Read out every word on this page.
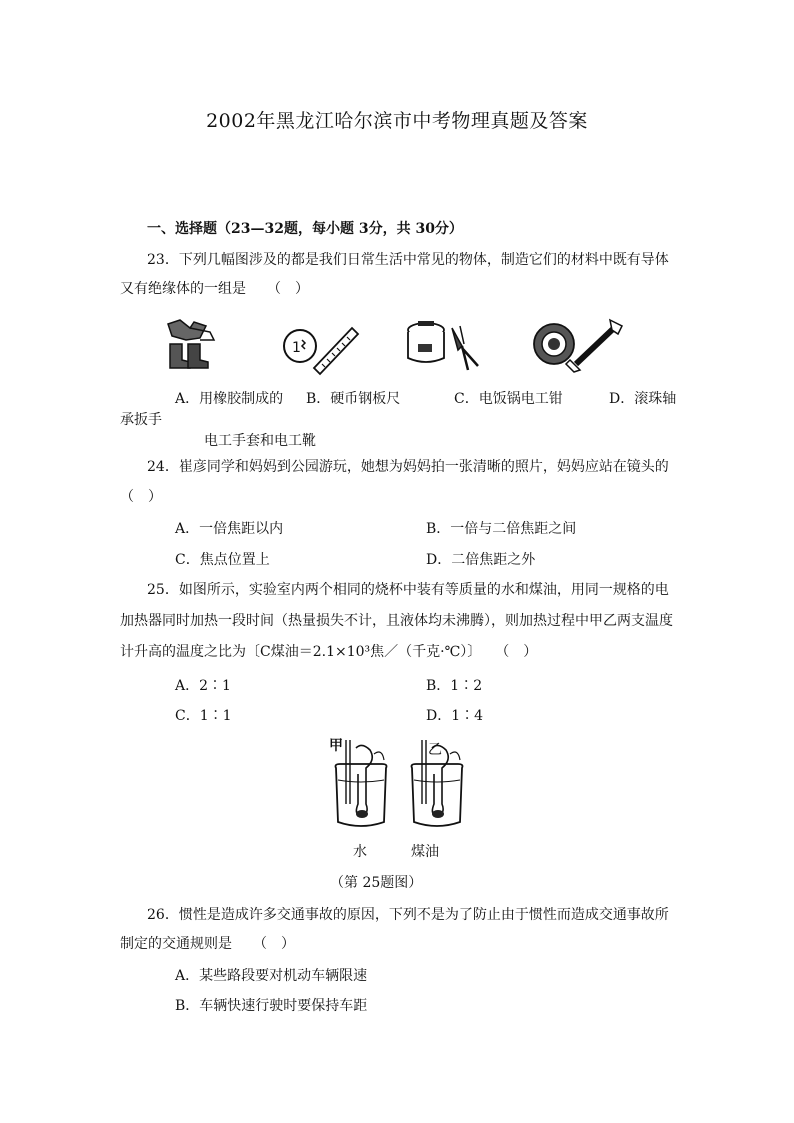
2002年黑龙江哈尔滨市中考物理真题及答案
一、选择题（23—32题，每小题 3分，共 30分）
23．下列几幅图涉及的都是我们日常生活中常见的物体，制造它们的材料中既有导体
又有绝缘体的一组是　　（　）
1
A．用橡胶制成的 B．硬币钢板尺	C．电饭锅电工钳	D．滚珠轴
承扳手
电工手套和电工靴
24．崔彦同学和妈妈到公园游玩，她想为妈妈拍一张清晰的照片，妈妈应站在镜头的
（　）
A．一倍焦距以内	B．一倍与二倍焦距之间
C．焦点位置上	D．二倍焦距之外
25．如图所示，实验室内两个相同的烧杯中装有等质量的水和煤油，用同一规格的电
加热器同时加热一段时间（热量损失不计，且液体均未沸腾），则加热过程中甲乙两支温度
计升高的温度之比为〔C煤油＝2.1×10³焦／（千克·℃）〕　　（　）
A．2∶1	B．1∶2
C．1∶1	D．1∶4
甲	乙
水	煤油
（第 25题图）
26．惯性是造成许多交通事故的原因，下列不是为了防止由于惯性而造成交通事故所
制定的交通规则是　　（　）
A．某些路段要对机动车辆限速
B．车辆快速行驶时要保持车距
